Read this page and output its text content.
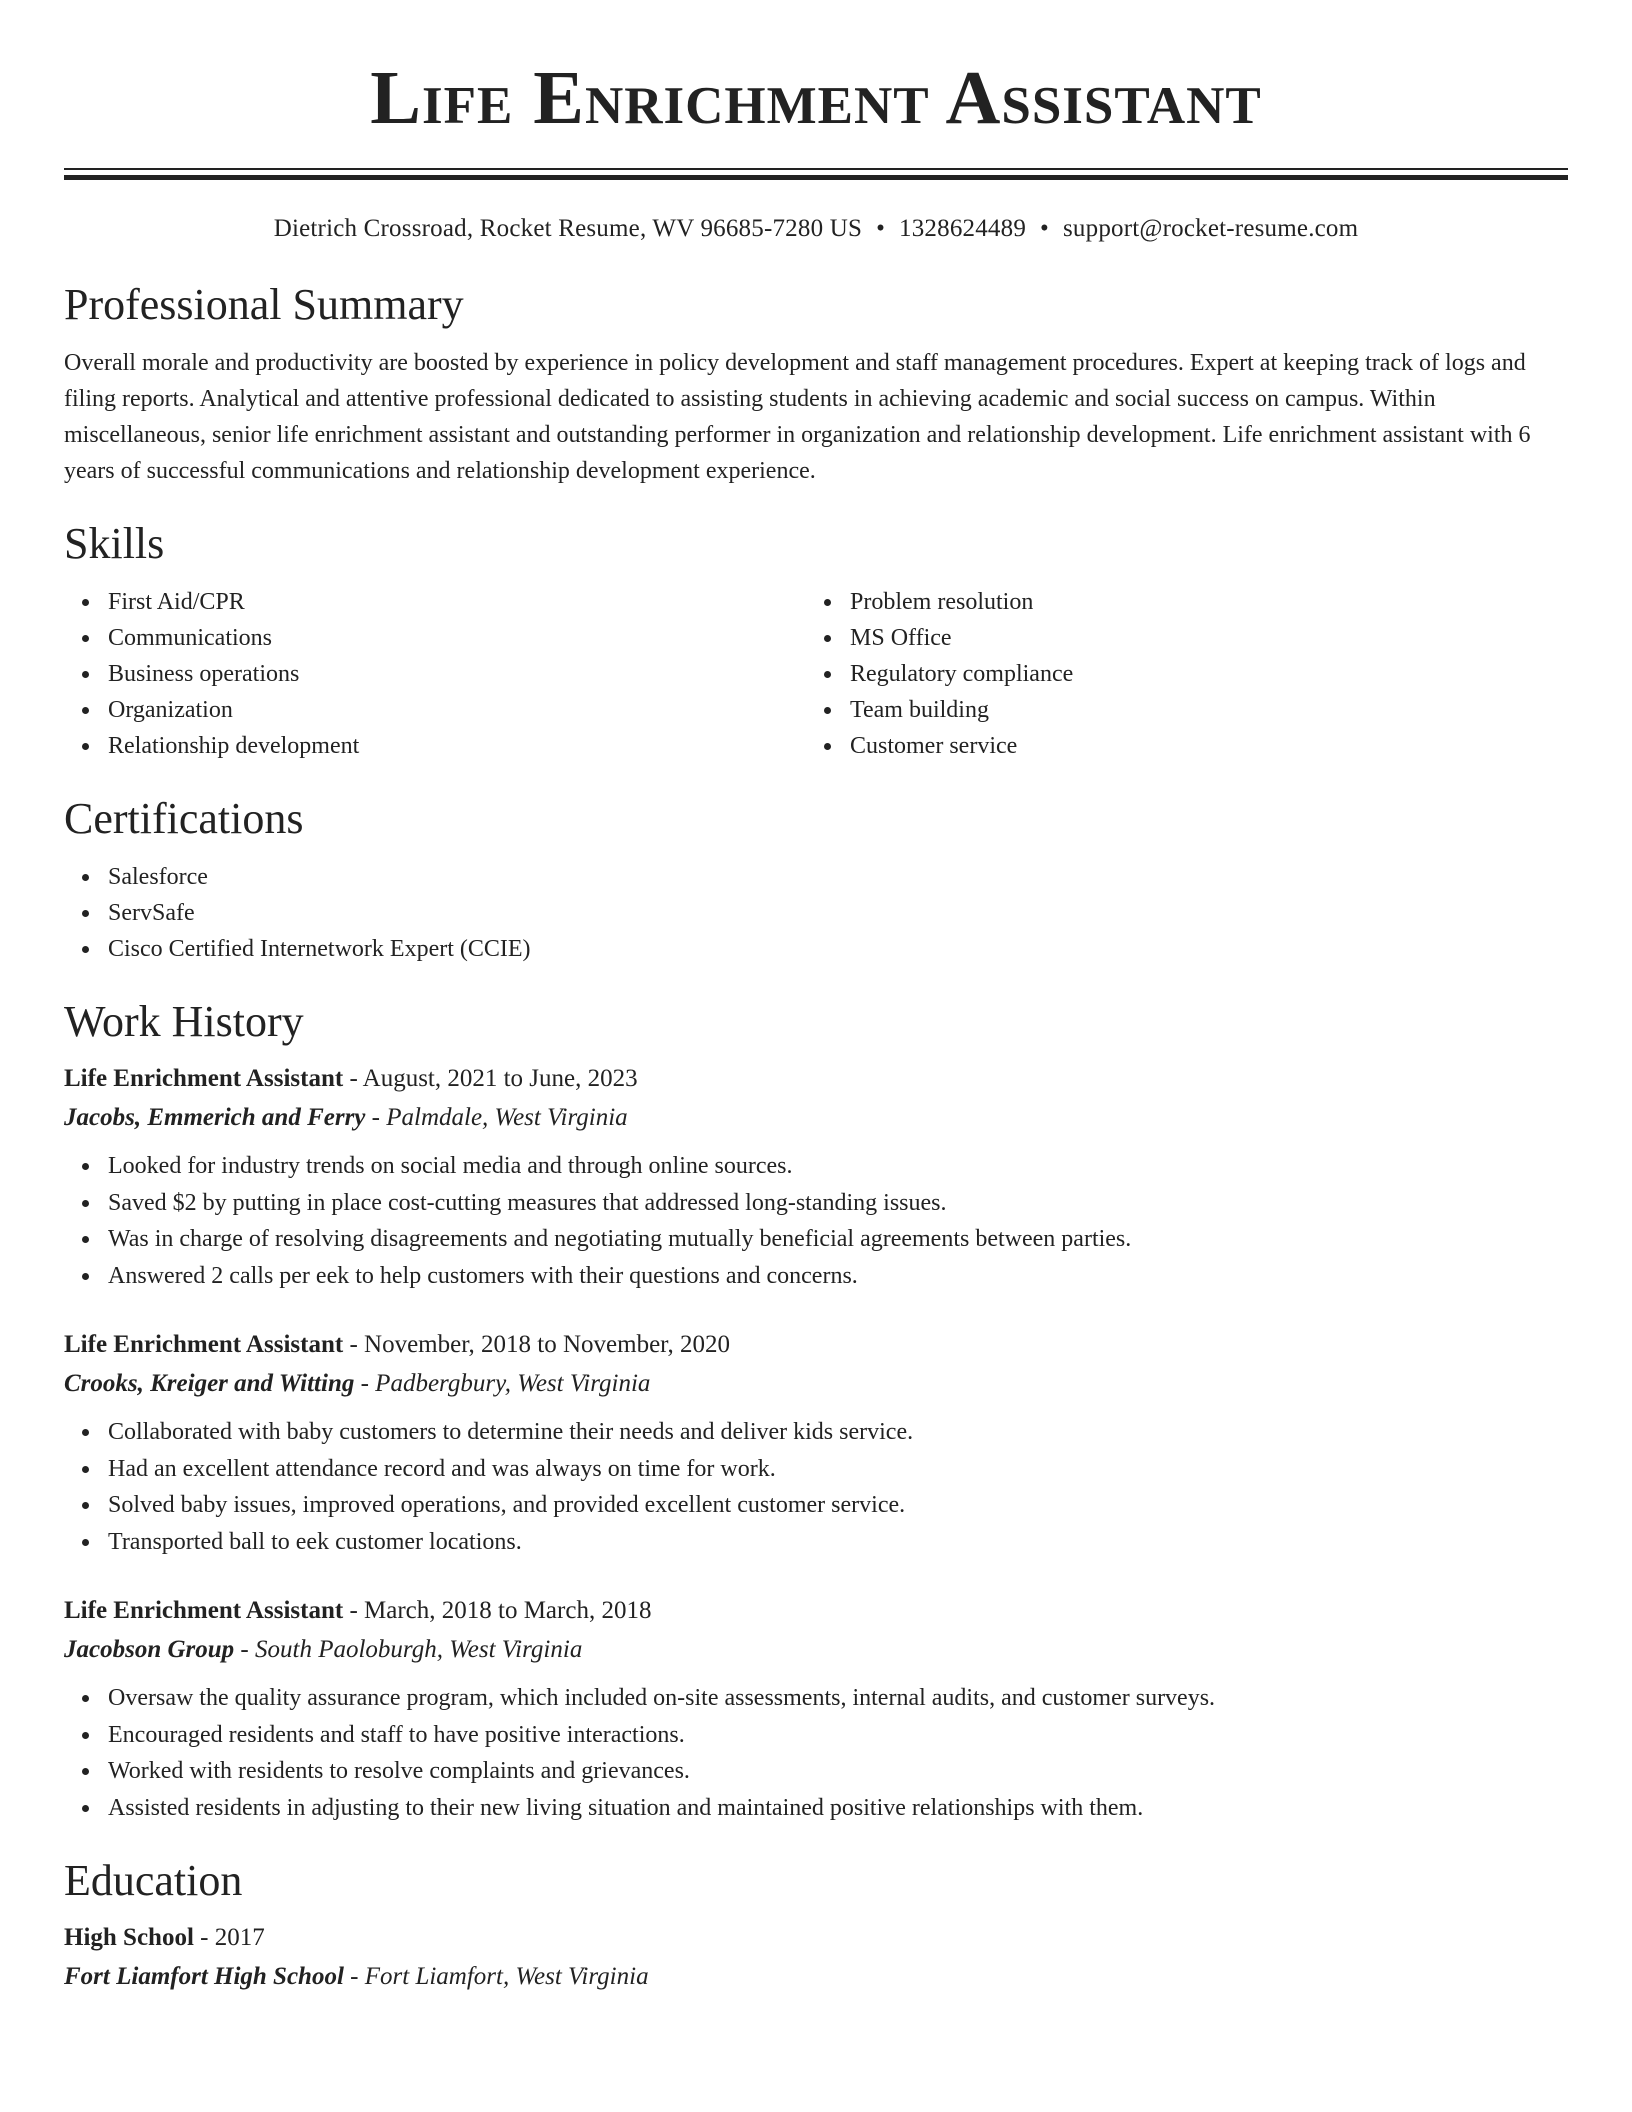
Life Enrichment Assistant
Dietrich Crossroad, Rocket Resume, WV 96685-7280 US • 1328624489 • support@rocket-resume.com
Professional Summary

Overall morale and productivity are boosted by experience in policy development and staff management procedures. Expert at keeping track of logs and filing reports. Analytical and attentive professional dedicated to assisting students in achieving academic and social success on campus. Within miscellaneous, senior life enrichment assistant and outstanding performer in organization and relationship development. Life enrichment assistant with 6 years of successful communications and relationship development experience.

Skills
First Aid/CPR
Communications
Business operations
Organization
Relationship development
Problem resolution
MS Office
Regulatory compliance
Team building
Customer service
Certifications
Salesforce
ServSafe
Cisco Certified Internetwork Expert (CCIE)
Work History
Life Enrichment Assistant - August, 2021 to June, 2023
Jacobs, Emmerich and Ferry - Palmdale, West Virginia
Looked for industry trends on social media and through online sources.
Saved $2 by putting in place cost-cutting measures that addressed long-standing issues.
Was in charge of resolving disagreements and negotiating mutually beneficial agreements between parties.
Answered 2 calls per eek to help customers with their questions and concerns.
Life Enrichment Assistant - November, 2018 to November, 2020
Crooks, Kreiger and Witting - Padbergbury, West Virginia
Collaborated with baby customers to determine their needs and deliver kids service.
Had an excellent attendance record and was always on time for work.
Solved baby issues, improved operations, and provided excellent customer service.
Transported ball to eek customer locations.
Life Enrichment Assistant - March, 2018 to March, 2018
Jacobson Group - South Paoloburgh, West Virginia
Oversaw the quality assurance program, which included on-site assessments, internal audits, and customer surveys.
Encouraged residents and staff to have positive interactions.
Worked with residents to resolve complaints and grievances.
Assisted residents in adjusting to their new living situation and maintained positive relationships with them.
Education
High School - 2017
Fort Liamfort High School - Fort Liamfort, West Virginia
